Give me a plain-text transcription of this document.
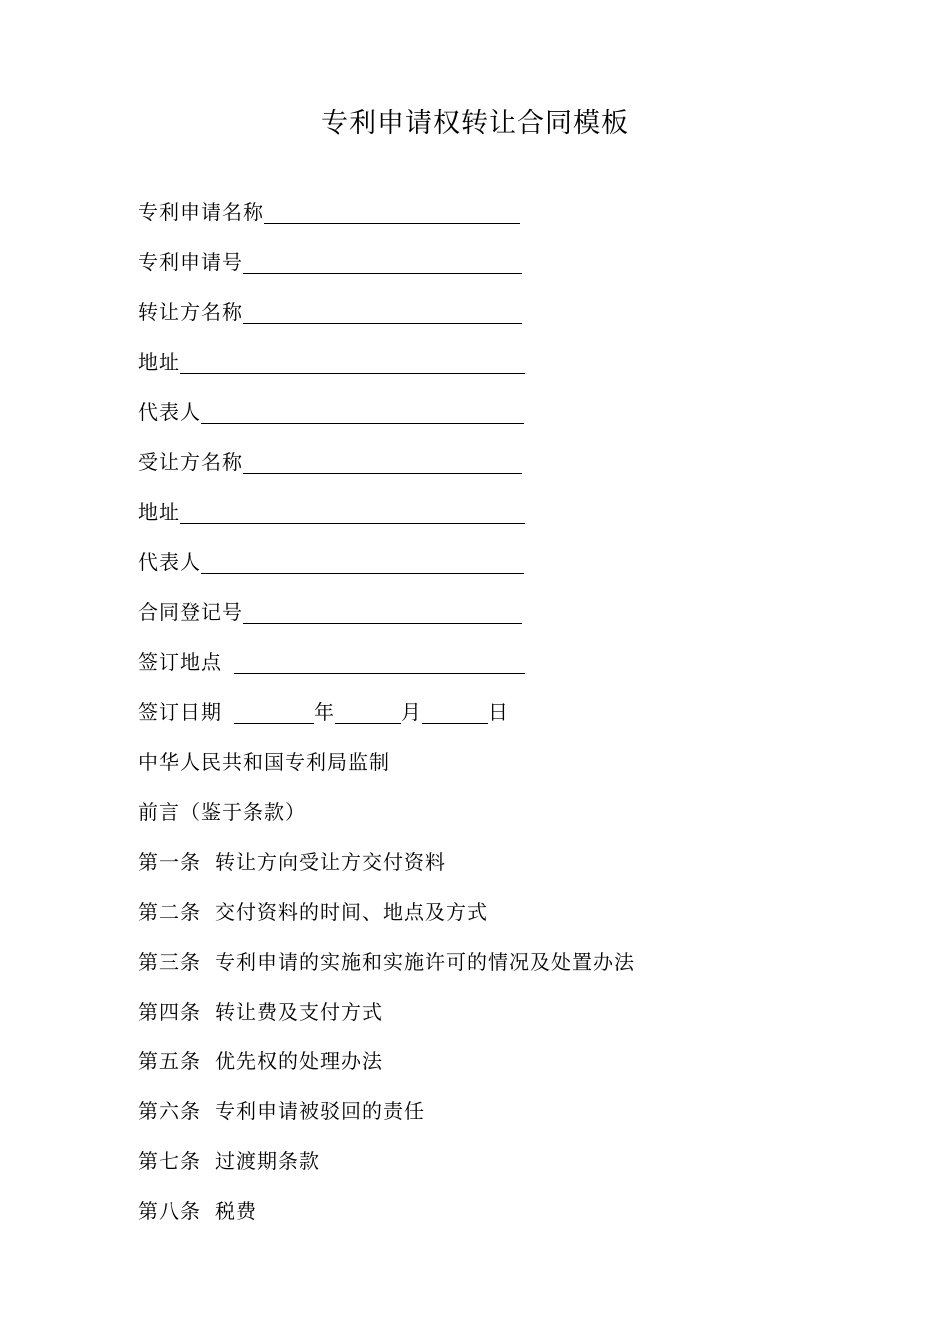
专利申请权转让合同模板
专利申请名称
专利申请号
转让方名称
地址
代表人
受让方名称
地址
代表人
合同登记号
签订地点
签订日期	年	月	日
中华人民共和国专利局监制
前言（鉴于条款）
第一条 转让方向受让方交付资料
第二条 交付资料的时间、地点及方式
第三条 专利申请的实施和实施许可的情况及处置办法
第四条 转让费及支付方式
第五条 优先权的处理办法
第六条 专利申请被驳回的责任
第七条 过渡期条款
第八条 税费
